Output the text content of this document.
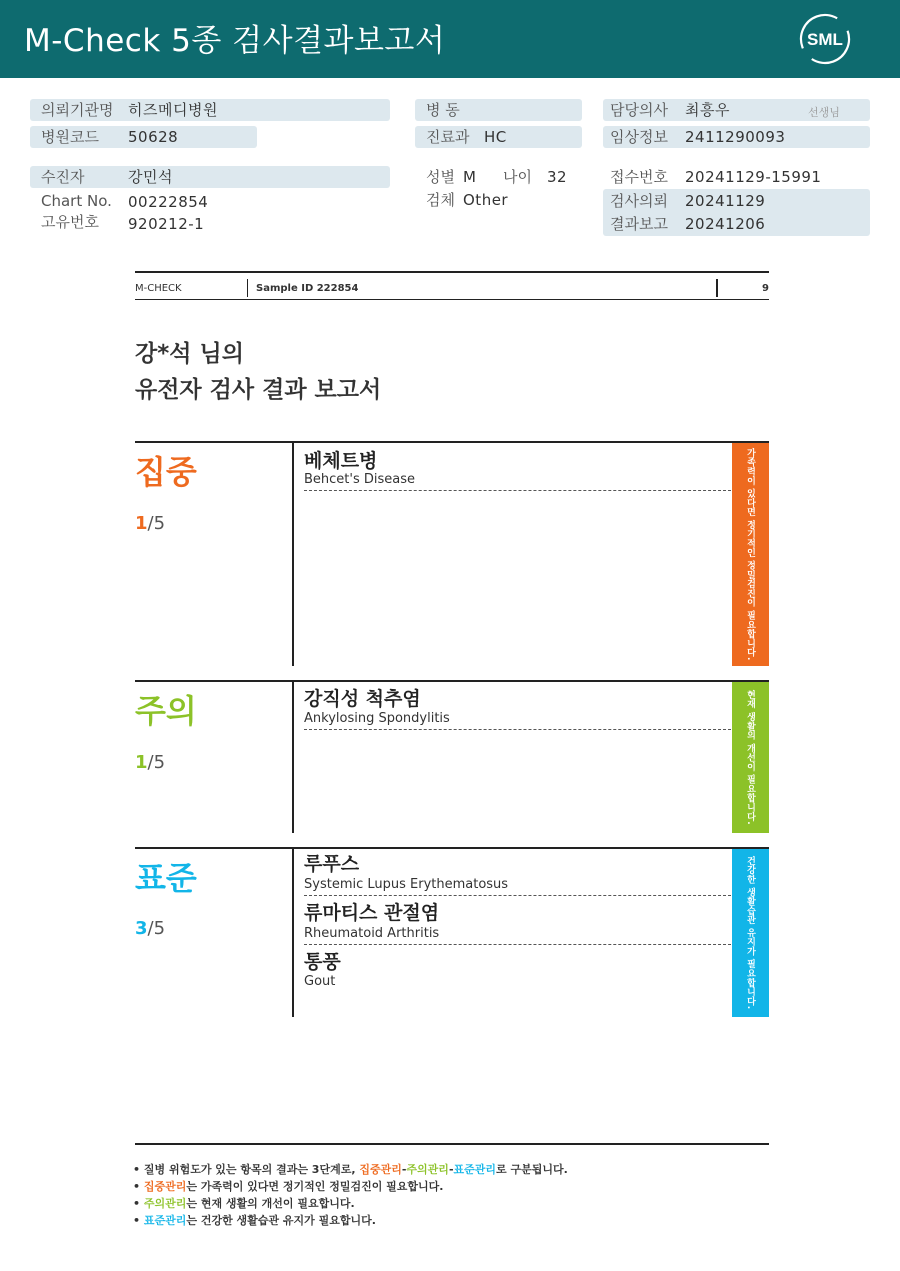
M-Check 5종 검사결과보고서	SML
의뢰기관명 히즈메디병원
병원코드 50628
수진자	강민석
Chart No. 00222854
고유번호 920212-1
병 동
진료과 HC
성별 M 나이 32
검체 Other
담당의사 최흥우	선생님
임상정보 2411290093
접수번호 20241129-15991
검사의뢰 20241129
결과보고 20241206
M-CHECK	Sample ID 222854	9
강*석 님의
유전자 검사 결과 보고서
집중
1/5	가족력이 있다면 정기적인 정밀검진이 필요합니다.
베체트병
Behcet's Disease
주의
1/5	현재 생활의 개선이 필요합니다.
강직성 척추염
Ankylosing Spondylitis
표준
3/5	건강한 생활습관 유지가 필요합니다.
루푸스
Systemic Lupus Erythematosus
류마티스 관절염
Rheumatoid Arthritis
통풍
Gout
• 질병 위험도가 있는 항목의 결과는 3단계로, 집중관리-주의관리-표준관리로 구분됩니다.
• 집중관리는 가족력이 있다면 정기적인 정밀검진이 필요합니다.
• 주의관리는 현재 생활의 개선이 필요합니다.
• 표준관리는 건강한 생활습관 유지가 필요합니다.
